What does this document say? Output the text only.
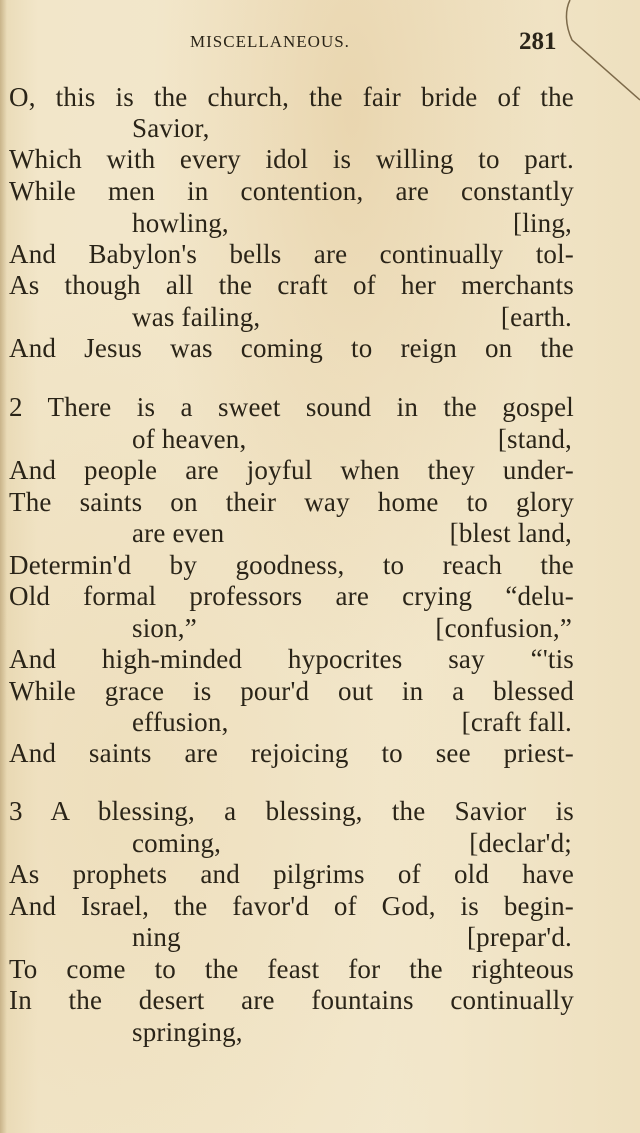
MISCELLANEOUS.	281
O, this is the church, the fair bride of the
Savior,
Which with every idol is willing to part.
While men in contention, are constantly
howling,	[ling,
And Babylon's bells are continually tol-
As though all the craft of her merchants
was failing,	[earth.
And Jesus was coming to reign on the
2 There is a sweet sound in the gospel
of heaven,	[stand,
And people are joyful when they under-
The saints on their way home to glory
are even	[blest land,
Determin'd by goodness, to reach the
Old formal professors are crying “delu-
sion,”	[confusion,”
And high-minded hypocrites say “'tis
While grace is pour'd out in a blessed
effusion,	[craft fall.
And saints are rejoicing to see priest-
3 A blessing, a blessing, the Savior is
coming,	[declar'd;
As prophets and pilgrims of old have
And Israel, the favor'd of God, is begin-
ning	[prepar'd.
To come to the feast for the righteous
In the desert are fountains continually
springing,
